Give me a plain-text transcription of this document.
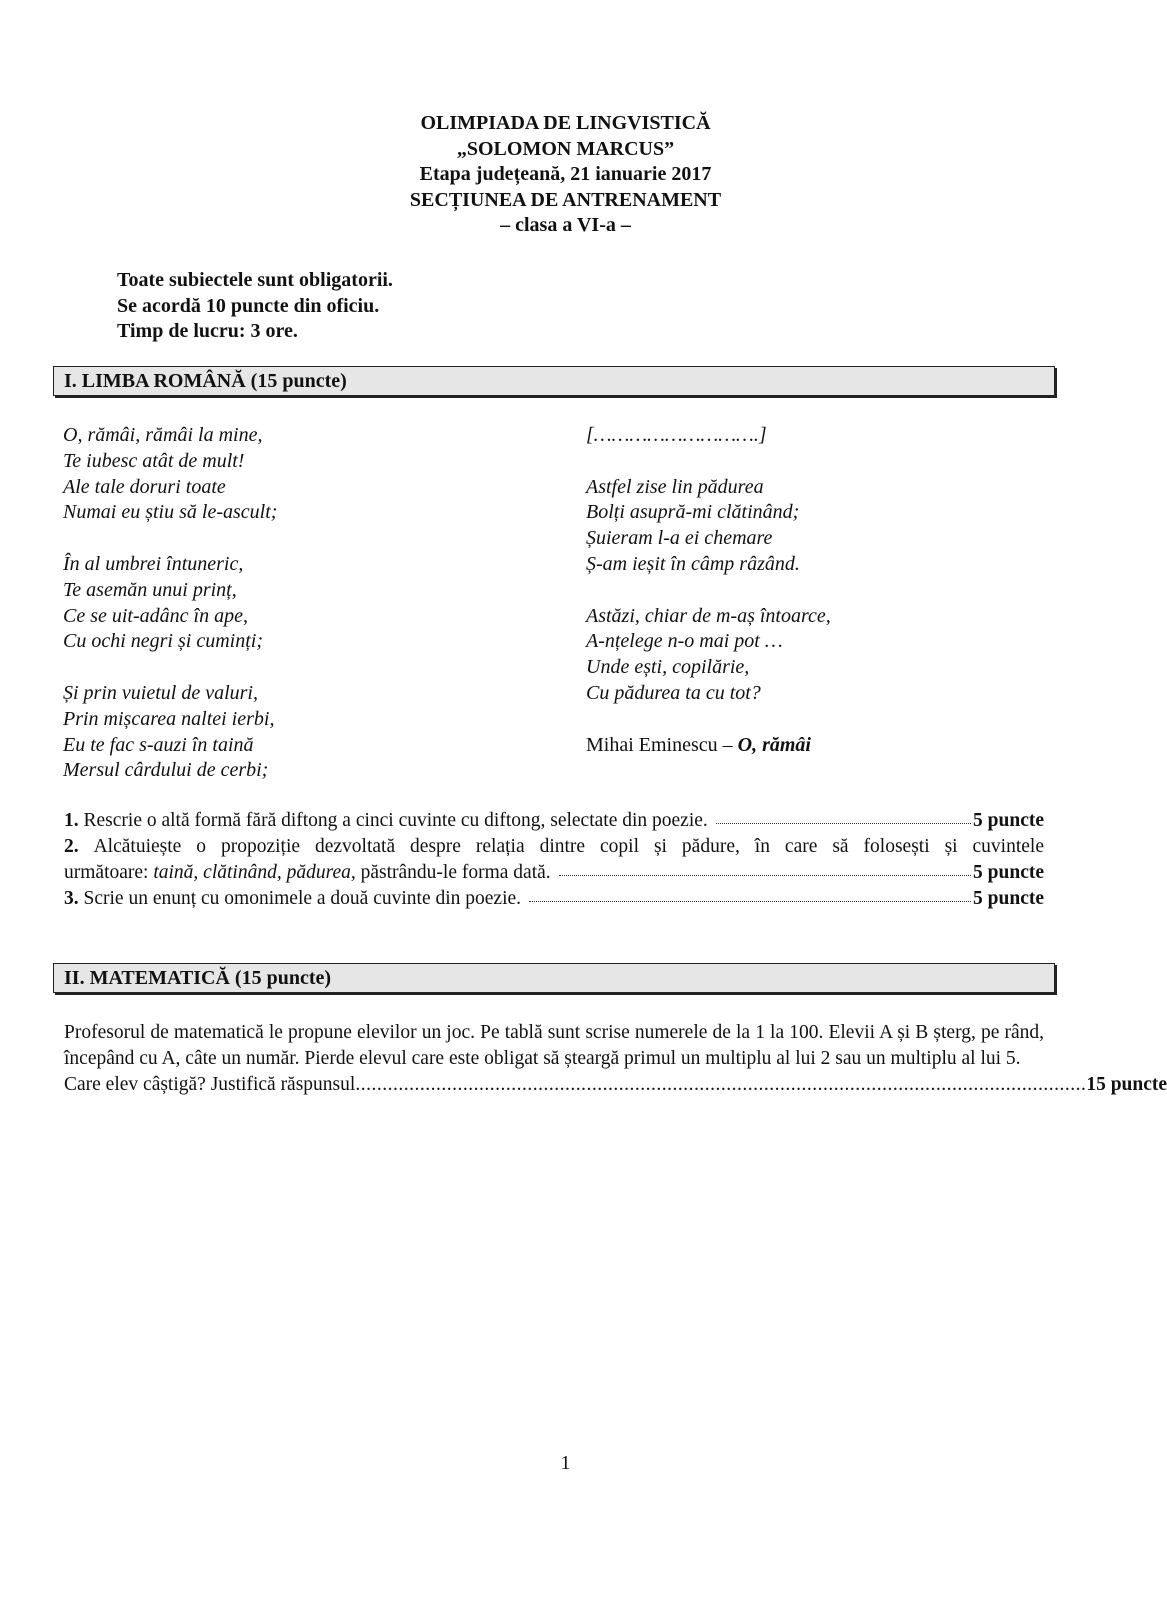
OLIMPIADA DE LINGVISTICĂ
„SOLOMON MARCUS”
Etapa județeană, 21 ianuarie 2017
SECȚIUNEA DE ANTRENAMENT
– clasa a VI-a –
Toate subiectele sunt obligatorii.
Se acordă 10 puncte din oficiu.
Timp de lucru: 3 ore.
I. LIMBA ROMÂNĂ (15 puncte)
O, rămâi, rămâi la mine,
Te iubesc atât de mult!
Ale tale doruri toate
Numai eu știu să le-ascult;
În al umbrei întuneric,
Te asemăn unui prinț,
Ce se uit-adânc în ape,
Cu ochi negri și cuminți;
Și prin vuietul de valuri,
Prin mișcarea naltei ierbi,
Eu te fac s-auzi în taină
Mersul cârdului de cerbi;
[……………………….]
Astfel zise lin pădurea
Bolți asupră-mi clătinând;
Șuieram l-a ei chemare
Ș-am ieșit în câmp râzând.
Astăzi, chiar de m-aș întoarce,
A-nțelege n-o mai pot …
Unde ești, copilărie,
Cu pădurea ta cu tot?
Mihai Eminescu – O, rămâi
1.
Rescrie o altă formă fără diftong a cinci cuvinte cu diftong, selectate din poezie.	5 puncte
2. Alcătuiește o propoziție dezvoltată despre relația dintre copil și pădure, în care să folosești și cuvintele
următoare:
taină, clătinând, pădurea,
păstrându-le forma dată.	5 puncte
3.
Scrie un enunț cu omonimele a două cuvinte din poezie.	5 puncte
II. MATEMATICĂ (15 puncte)
Profesorul de matematică le propune elevilor un joc. Pe tablă sunt scrise numerele de la 1 la 100. Elevii A și B șterg, pe rând, începând cu A, câte un număr. Pierde elevul care este obligat să șteargă primul un multiplu al lui 2 sau un multiplu al lui 5.
Care elev câștigă? Justifică răspunsul ........................................................................................................................................ 15 puncte
1
